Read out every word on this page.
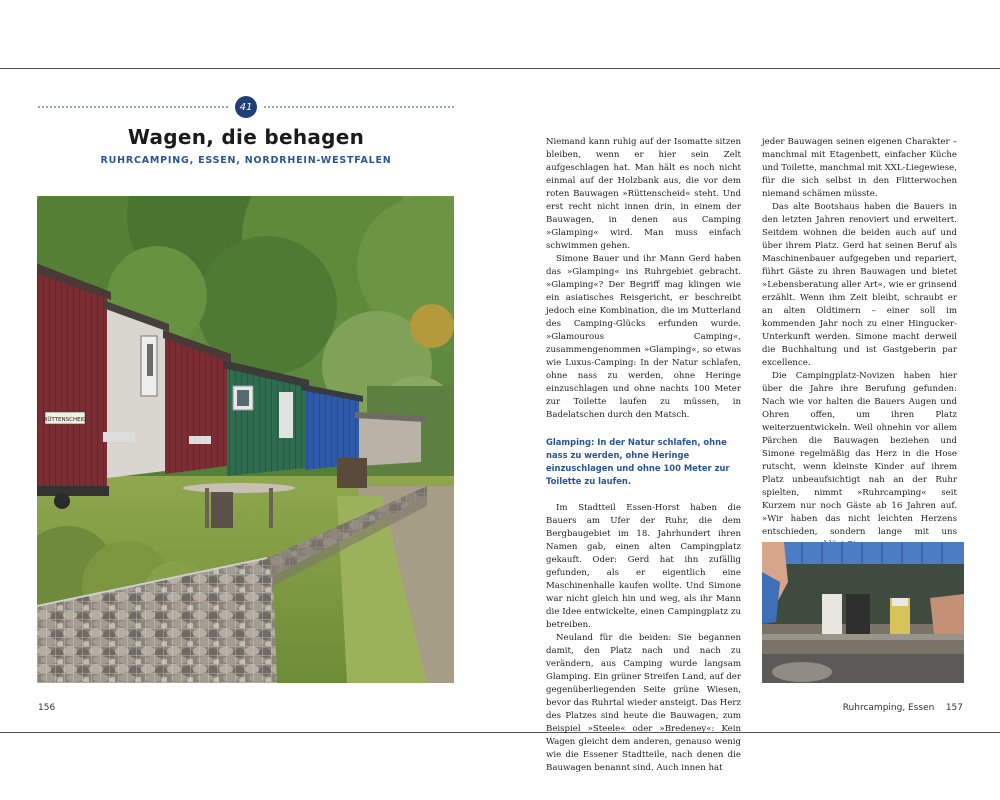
41
Wagen, die behagen
RUHRCAMPING, ESSEN, NORDRHEIN-WESTFALEN
RÜTTENSCHEID
156

Niemand kann ruhig auf der Isomatte sitzen bleiben, wenn er hier sein Zelt aufgeschlagen hat. Man hält es noch nicht einmal auf der Holzbank aus, die vor dem roten Bauwagen »Rüttenscheid« steht. Und erst recht nicht innen drin, in einem der Bauwagen, in denen aus Camping »Glamping« wird. Man muss einfach schwimmen gehen.

Simone Bauer und ihr Mann Gerd haben das »Glamping« ins Ruhrgebiet gebracht. »Glamping«? Der Begriff mag klingen wie ein asiatisches Reisgericht, er beschreibt jedoch eine Kombination, die im Mutterland des Camping-Glücks erfunden wurde. »Glamourous Camping«, zusammengenommen »Glamping«, so etwas wie Luxus-Camping: In der Natur schlafen, ohne nass zu werden, ohne Heringe einzuschlagen und ohne nachts 100 Meter zur Toilette laufen zu müssen, in Badelatschen durch den Matsch.

Glamping: In der Natur schlafen, ohne nass zu werden, ohne Heringe einzuschlagen und ohne 100 Meter zur Toilette zu laufen.

Im Stadtteil Essen-Horst haben die Bauers am Ufer der Ruhr, die dem Bergbaugebiet im 18. Jahrhundert ihren Namen gab, einen alten Campingplatz gekauft. Oder: Gerd hat ihn zufällig gefunden, als er eigentlich eine Maschinenhalle kaufen wollte. Und Simone war nicht gleich hin und weg, als ihr Mann die Idee entwickelte, einen Campingplatz zu betreiben.

Neuland für die beiden: Sie begannen damit, den Platz nach und nach zu verändern, aus Camping wurde langsam Glamping. Ein grüner Streifen Land, auf der gegenüberliegenden Seite grüne Wiesen, bevor das Ruhrtal wieder ansteigt. Das Herz des Platzes sind heute die Bauwagen, zum Beispiel »Steele« oder »Bredeney«: Kein Wagen gleicht dem anderen, genauso wenig wie die Essener Stadtteile, nach denen die Bauwagen benannt sind. Auch innen hat

jeder Bauwagen seinen eigenen Charakter – manchmal mit Etagenbett, einfacher Küche und Toilette, manchmal mit XXL-Liegewiese, für die sich selbst in den Flitterwochen niemand schämen müsste.

Das alte Bootshaus haben die Bauers in den letzten Jahren renoviert und erweitert. Seitdem wohnen die beiden auch auf und über ihrem Platz. Gerd hat seinen Beruf als Maschinenbauer aufgegeben und repariert, führt Gäste zu ihren Bauwagen und bietet »Lebensberatung aller Art«, wie er grinsend erzählt. Wenn ihm Zeit bleibt, schraubt er an alten Oldtimern – einer soll im kommenden Jahr noch zu einer Hingucker-Unterkunft werden. Simone macht derweil die Buchhaltung und ist Gastgeberin par excellence.

Die Campingplatz-Novizen haben hier über die Jahre ihre Berufung gefunden: Nach wie vor halten die Bauers Augen und Ohren offen, um ihren Platz weiterzuentwickeln. Weil ohnehin vor allem Pärchen die Bauwagen beziehen und Simone regelmäßig das Herz in die Hose rutscht, wenn kleinste Kinder auf ihrem Platz unbeaufsichtigt nah an der Ruhr spielten, nimmt »Ruhrcamping« seit Kurzem nur noch Gäste ab 16 Jahren auf. »Wir haben das nicht leichten Herzens entschieden, sondern lange mit uns

Ruhrcamping, Essen 157
